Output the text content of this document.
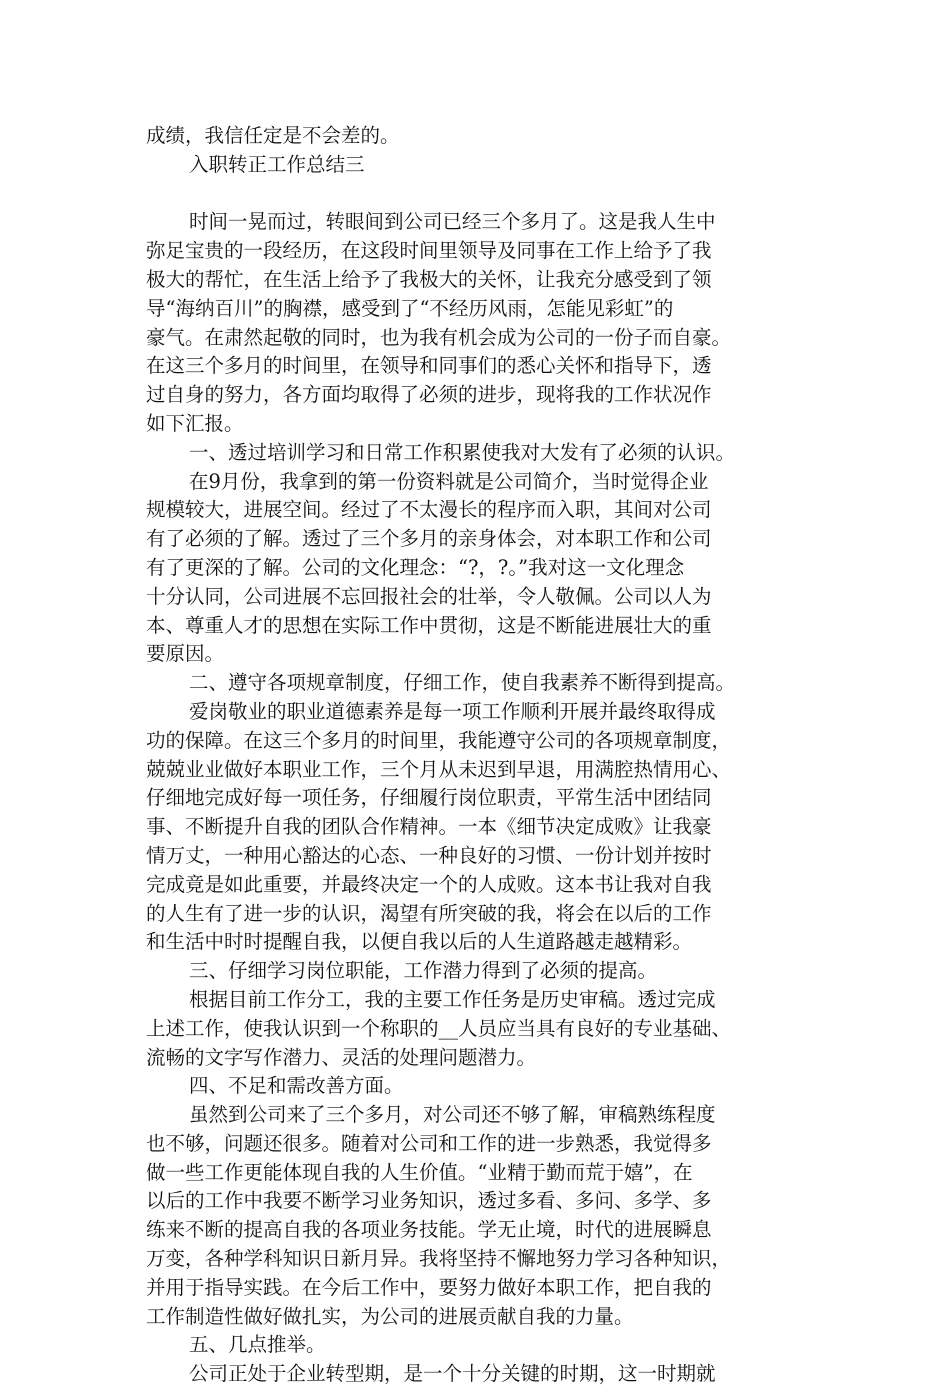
成绩，我信任定是不会差的。
入职转正工作总结三
时间一晃而过，转眼间到公司已经三个多月了。这是我人生中
弥足宝贵的一段经历，在这段时间里领导及同事在工作上给予了我
极大的帮忙，在生活上给予了我极大的关怀，让我充分感受到了领
导“海纳百川”的胸襟，感受到了“不经历风雨，怎能见彩虹”的
豪气。在肃然起敬的同时，也为我有机会成为公司的一份子而自豪。
在这三个多月的时间里，在领导和同事们的悉心关怀和指导下，透
过自身的努力，各方面均取得了必须的进步，现将我的工作状况作
如下汇报。
一、透过培训学习和日常工作积累使我对大发有了必须的认识。
在9月份，我拿到的第一份资料就是公司简介，当时觉得企业
规模较大，进展空间。经过了不太漫长的程序而入职，其间对公司
有了必须的了解。透过了三个多月的亲身体会，对本职工作和公司
有了更深的了解。公司的文化理念：“?，?。”我对这一文化理念
十分认同，公司进展不忘回报社会的壮举，令人敬佩。公司以人为
本、尊重人才的思想在实际工作中贯彻，这是不断能进展壮大的重
要原因。
二、遵守各项规章制度，仔细工作，使自我素养不断得到提高。
爱岗敬业的职业道德素养是每一项工作顺利开展并最终取得成
功的保障。在这三个多月的时间里，我能遵守公司的各项规章制度，
兢兢业业做好本职业工作，三个月从未迟到早退，用满腔热情用心、
仔细地完成好每一项任务，仔细履行岗位职责，平常生活中团结同
事、不断提升自我的团队合作精神。一本《细节决定成败》让我豪
情万丈，一种用心豁达的心态、一种良好的习惯、一份计划并按时
完成竟是如此重要，并最终决定一个的人成败。这本书让我对自我
的人生有了进一步的认识，渴望有所突破的我，将会在以后的工作
和生活中时时提醒自我，以便自我以后的人生道路越走越精彩。
三、仔细学习岗位职能，工作潜力得到了必须的提高。
根据目前工作分工，我的主要工作任务是历史审稿。透过完成
上述工作，使我认识到一个称职的__人员应当具有良好的专业基础、
流畅的文字写作潜力、灵活的处理问题潜力。
四、不足和需改善方面。
虽然到公司来了三个多月，对公司还不够了解，审稿熟练程度
也不够，问题还很多。随着对公司和工作的进一步熟悉，我觉得多
做一些工作更能体现自我的人生价值。“业精于勤而荒于嬉”，在
以后的工作中我要不断学习业务知识，透过多看、多问、多学、多
练来不断的提高自我的各项业务技能。学无止境，时代的进展瞬息
万变，各种学科知识日新月异。我将坚持不懈地努力学习各种知识，
并用于指导实践。在今后工作中，要努力做好本职工作，把自我的
工作制造性做好做扎实，为公司的进展贡献自我的力量。
五、几点推举。
公司正处于企业转型期，是一个十分关键的时期，这一时期就
